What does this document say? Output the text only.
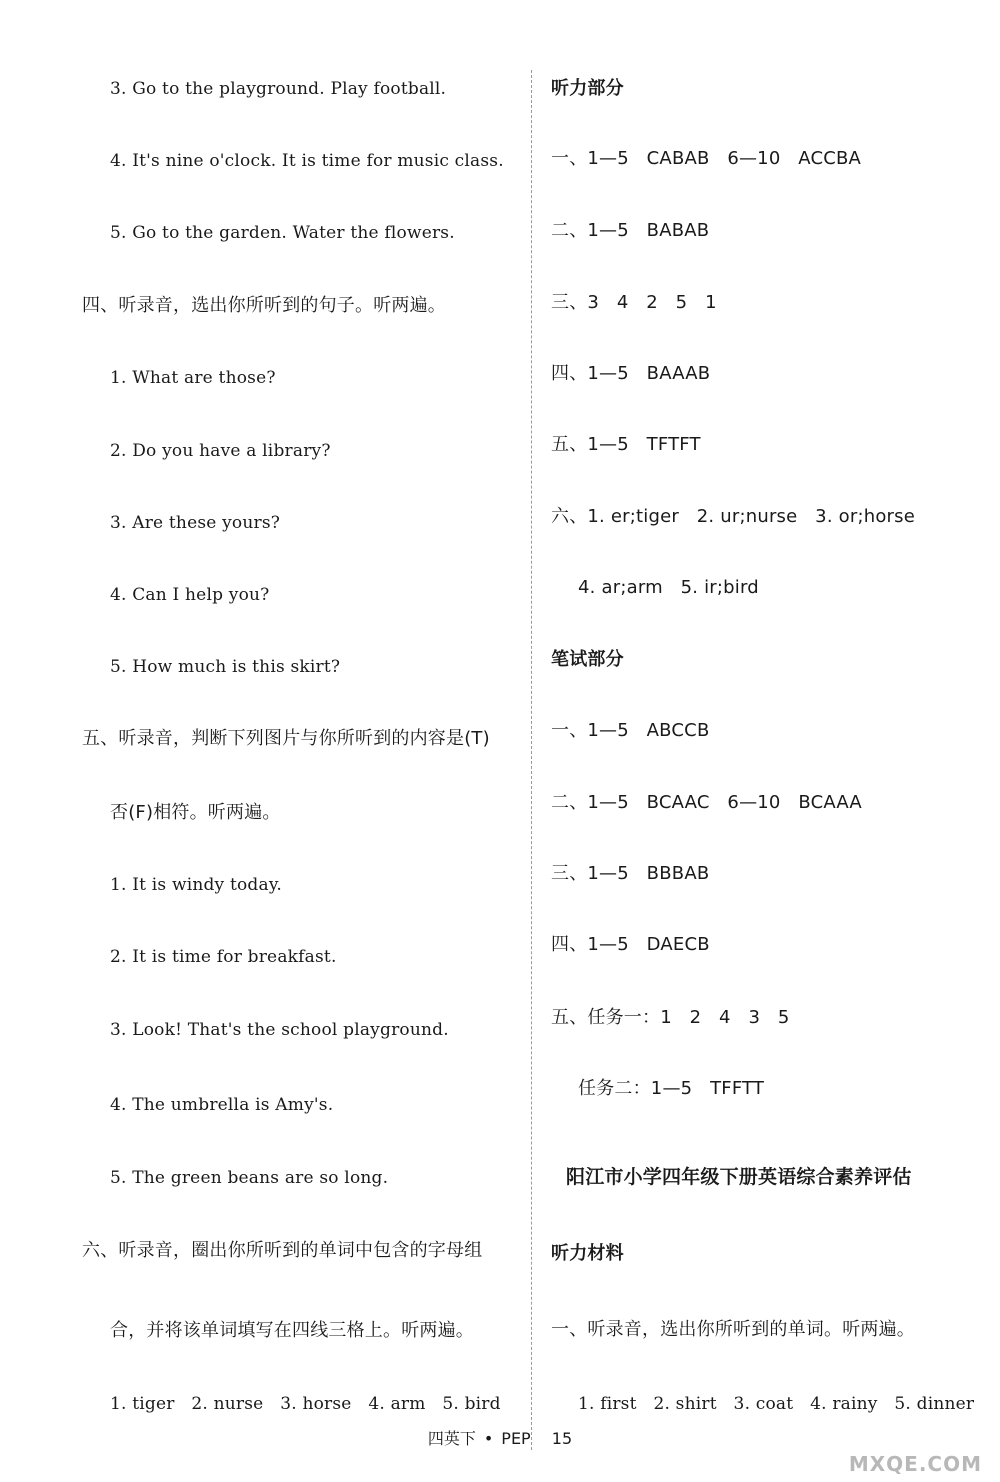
3. Go to the playground. Play football.
4. It's nine o'clock. It is time for music class.
5. Go to the garden. Water the flowers.
四、听录音，选出你所听到的句子。听两遍。
1. What are those?
2. Do you have a library?
3. Are these yours?
4. Can I help you?
5. How much is this skirt?
五、听录音，判断下列图片与你所听到的内容是(T)
否(F)相符。听两遍。
1. It is windy today.
2. It is time for breakfast.
3. Look! That's the school playground.
4. The umbrella is Amy's.
5. The green beans are so long.
六、听录音，圈出你所听到的单词中包含的字母组
合，并将该单词填写在四线三格上。听两遍。
1. tiger   2. nurse   3. horse   4. arm   5. bird
听力部分
一、1—5   CABAB   6—10   ACCBA
二、1—5   BABAB
三、3   4   2   5   1
四、1—5   BAAAB
五、1—5   TFTFT
六、1. er;tiger   2. ur;nurse   3. or;horse
4. ar;arm   5. ir;bird
笔试部分
一、1—5   ABCCB
二、1—5   BCAAC   6—10   BCAAA
三、1—5   BBBAB
四、1—5   DAECB
五、任务一：1   2   4   3   5
任务二：1—5   TFFTT
阳江市小学四年级下册英语综合素养评估
听力材料
一、听录音，选出你所听到的单词。听两遍。
1. first   2. shirt   3. coat   4. rainy   5. dinner
四英下 • PEP 15
MXQE.COM
